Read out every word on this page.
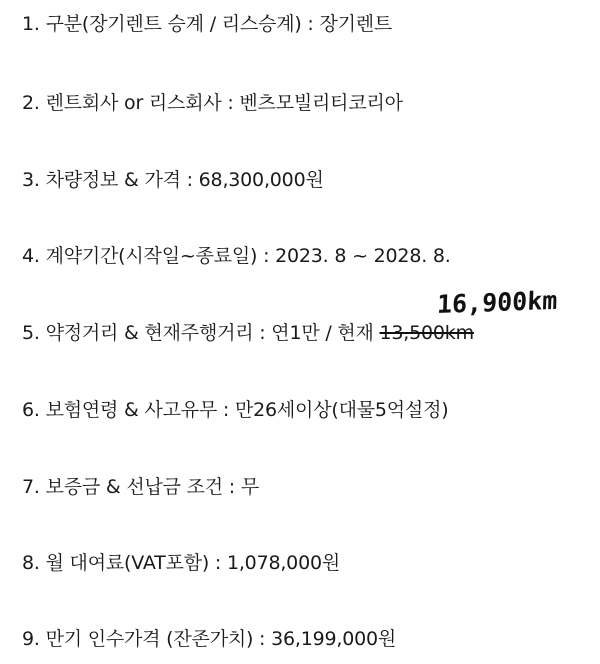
1. 구분(장기렌트 승계 / 리스승계) : 장기렌트
2. 렌트회사 or 리스회사 : 벤츠모빌리티코리아
3. 차량정보 & 가격 : 68,300,000원
4. 계약기간(시작일~종료일) : 2023. 8 ~ 2028. 8.
5. 약정거리 & 현재주행거리 : 연1만 / 현재 13,500km
16,900km
6. 보험연령 & 사고유무 : 만26세이상(대물5억설정)
7. 보증금 & 선납금 조건 : 무
8. 월 대여료(VAT포함) : 1,078,000원
9. 만기 인수가격 (잔존가치) : 36,199,000원
